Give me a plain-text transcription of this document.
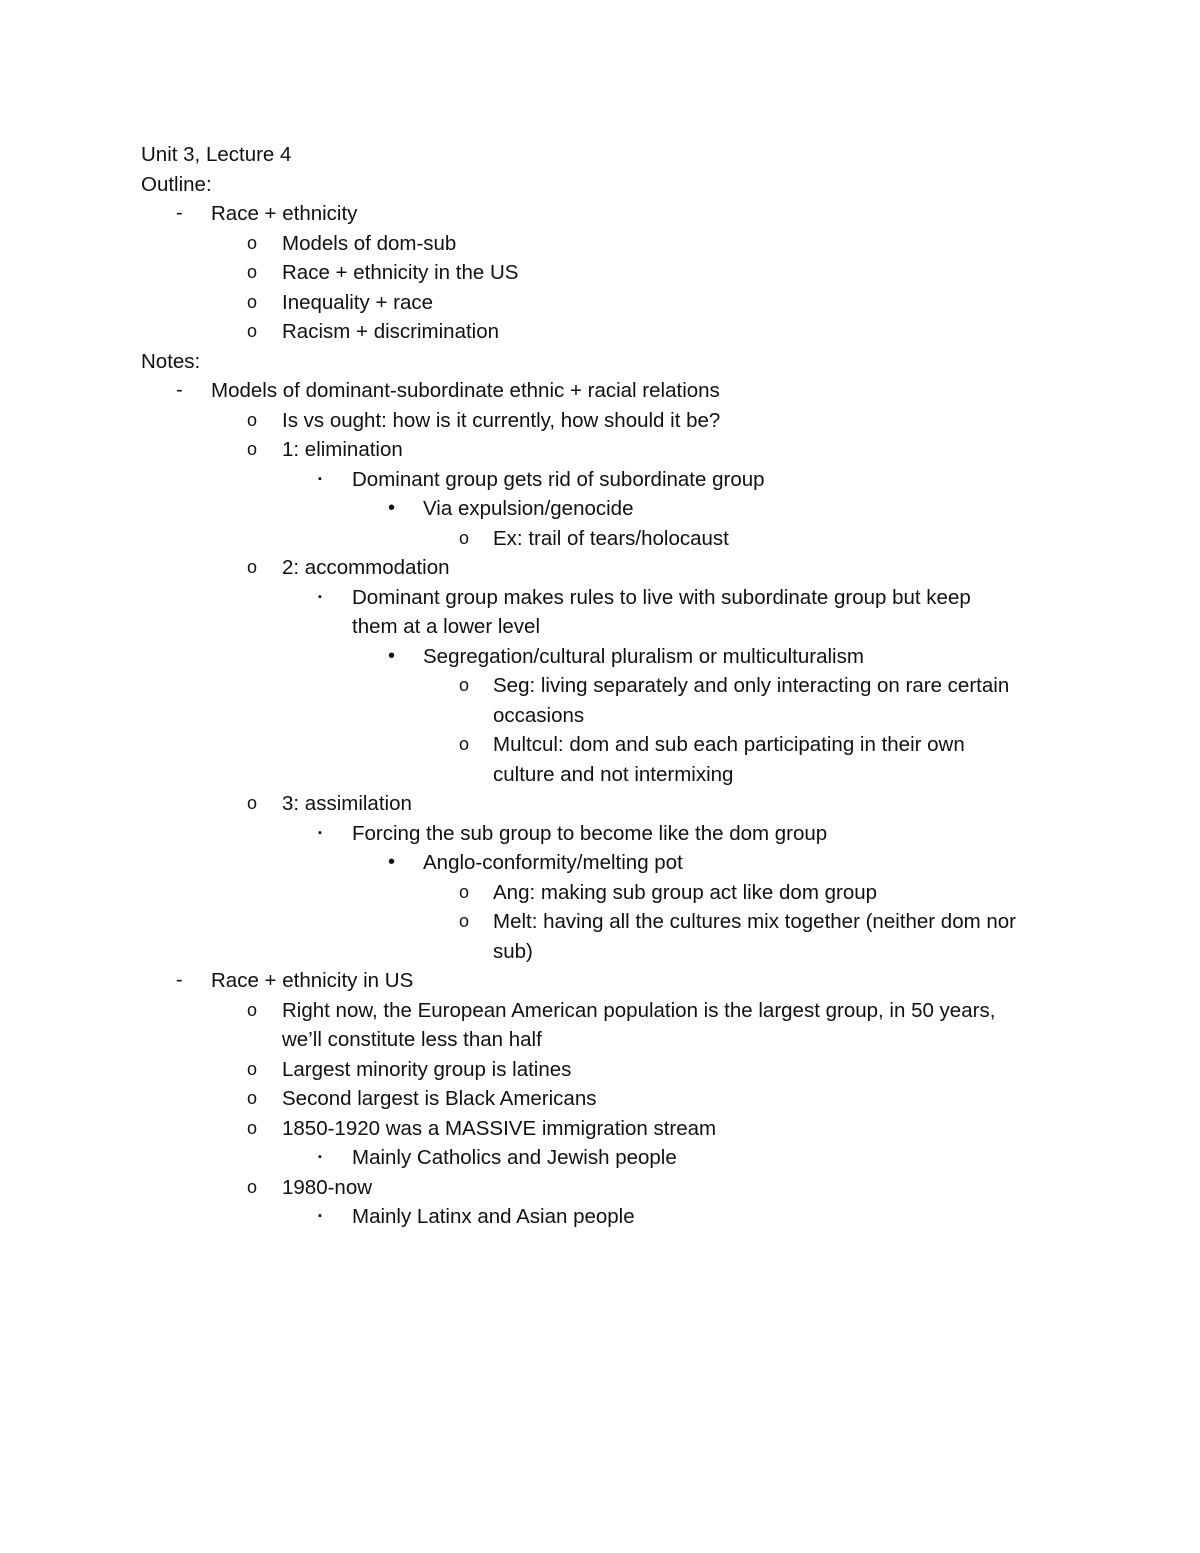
Unit 3, Lecture 4
Outline:
- Race + ethnicity
o Models of dom-sub
o Race + ethnicity in the US
o Inequality + race
o Racism + discrimination
Notes:
- Models of dominant-subordinate ethnic + racial relations
o Is vs ought: how is it currently, how should it be?
o 1: elimination
▪ Dominant group gets rid of subordinate group
• Via expulsion/genocide
o Ex: trail of tears/holocaust
o 2: accommodation
▪ Dominant group makes rules to live with subordinate group but keep
them at a lower level
• Segregation/cultural pluralism or multiculturalism
o Seg: living separately and only interacting on rare certain
occasions
o Multcul: dom and sub each participating in their own
culture and not intermixing
o 3: assimilation
▪ Forcing the sub group to become like the dom group
• Anglo-conformity/melting pot
o Ang: making sub group act like dom group
o Melt: having all the cultures mix together (neither dom nor
sub)
- Race + ethnicity in US
o Right now, the European American population is the largest group, in 50 years,
we’ll constitute less than half
o Largest minority group is latines
o Second largest is Black Americans
o 1850-1920 was a MASSIVE immigration stream
▪ Mainly Catholics and Jewish people
o 1980-now
▪ Mainly Latinx and Asian people
